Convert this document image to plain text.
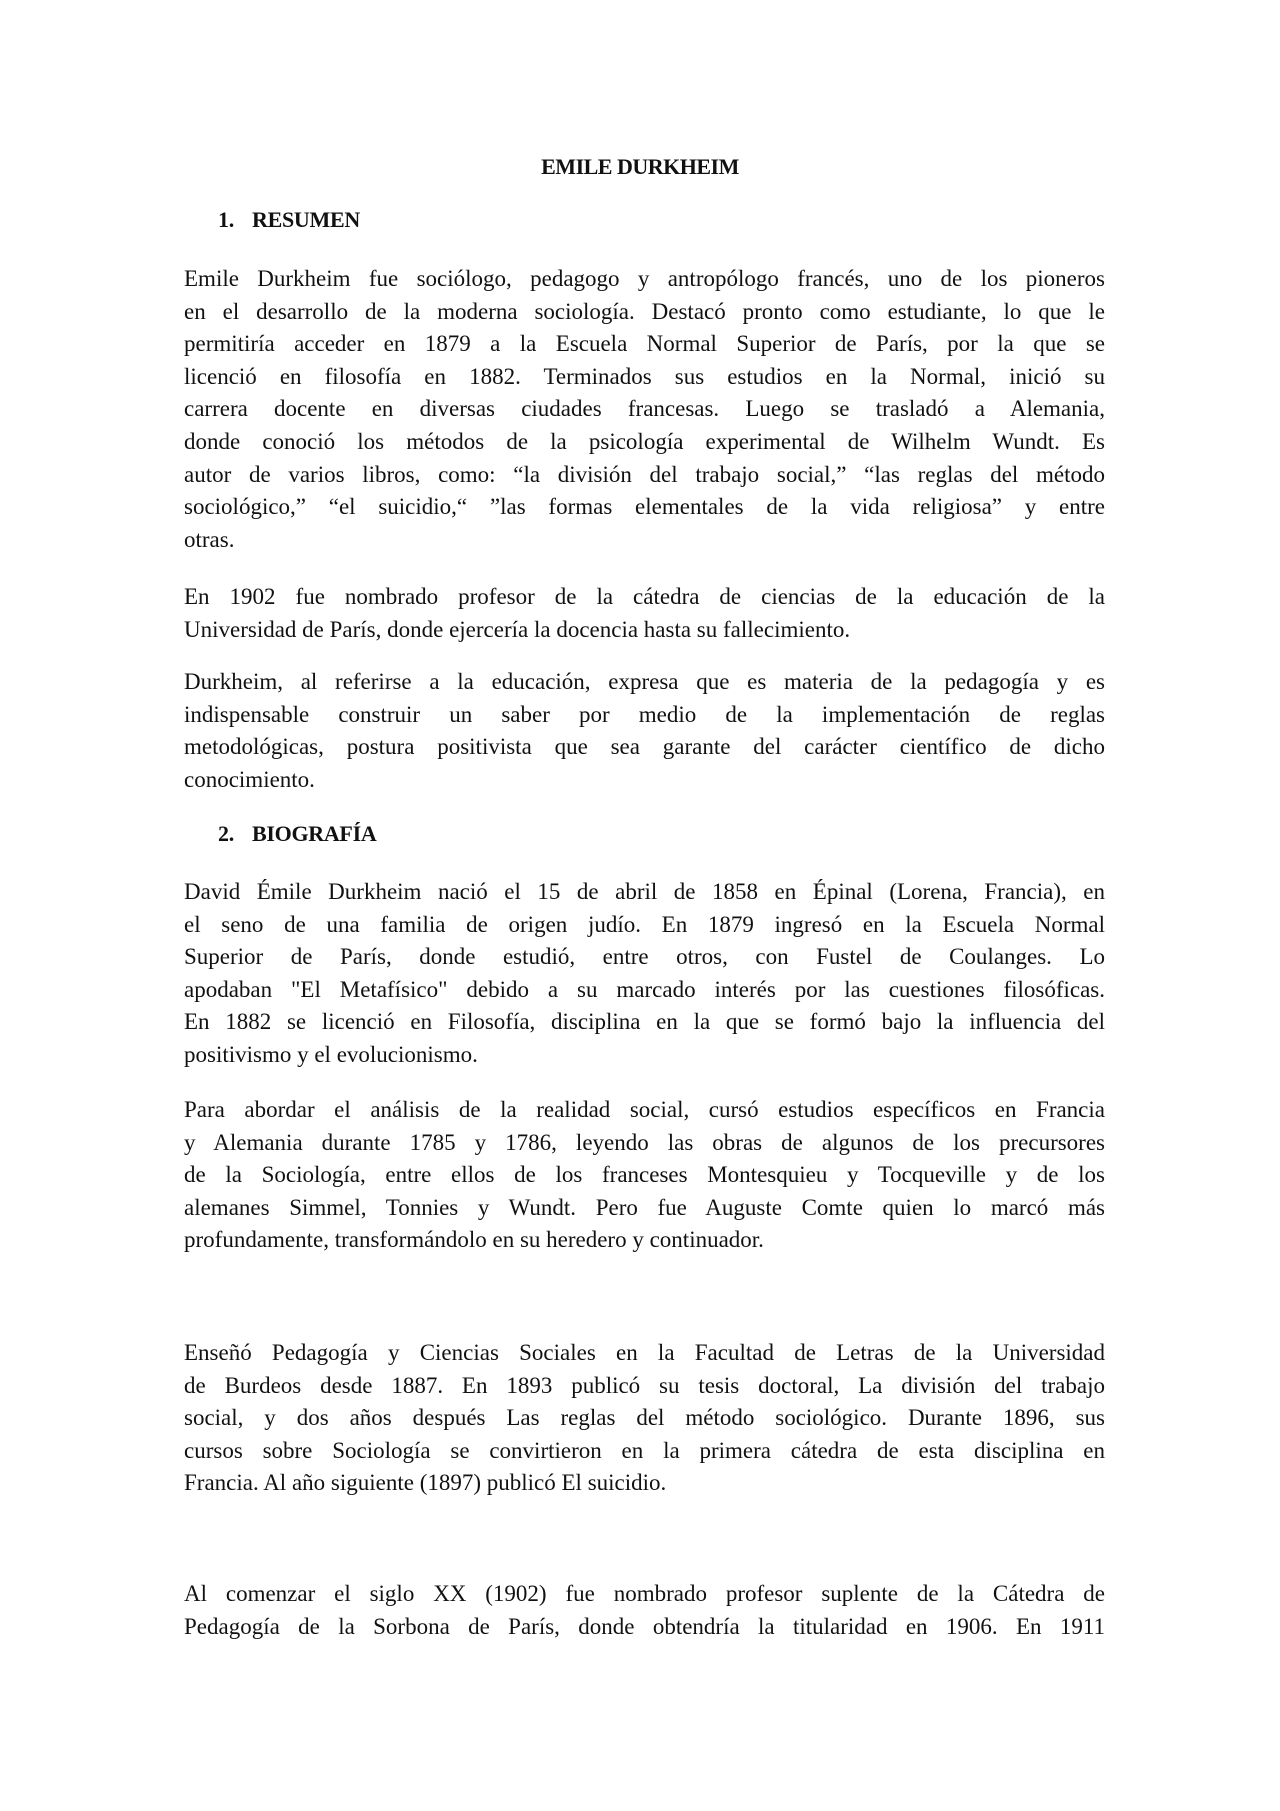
EMILE DURKHEIM
1. RESUMEN
Emile Durkheim fue sociólogo, pedagogo y antropólogo francés, uno de los pioneros
en el desarrollo de la moderna sociología. Destacó pronto como estudiante, lo que le
permitiría acceder en 1879 a la Escuela Normal Superior de París, por la que se
licenció en filosofía en 1882. Terminados sus estudios en la Normal, inició su
carrera docente en diversas ciudades francesas. Luego se trasladó a Alemania,
donde conoció los métodos de la psicología experimental de Wilhelm Wundt. Es
autor de varios libros, como: “la división del trabajo social,” “las reglas del método
sociológico,” “el suicidio,“ ”las formas elementales de la vida religiosa” y entre
otras.
En 1902 fue nombrado profesor de la cátedra de ciencias de la educación de la
Universidad de París, donde ejercería la docencia hasta su fallecimiento.
Durkheim, al referirse a la educación, expresa que es materia de la pedagogía y es
indispensable construir un saber por medio de la implementación de reglas
metodológicas, postura positivista que sea garante del carácter científico de dicho
conocimiento.
2. BIOGRAFÍA
David Émile Durkheim nació el 15 de abril de 1858 en Épinal (Lorena, Francia), en
el seno de una familia de origen judío. En 1879 ingresó en la Escuela Normal
Superior de París, donde estudió, entre otros, con Fustel de Coulanges. Lo
apodaban "El Metafísico" debido a su marcado interés por las cuestiones filosóficas.
En 1882 se licenció en Filosofía, disciplina en la que se formó bajo la influencia del
positivismo y el evolucionismo.
Para abordar el análisis de la realidad social, cursó estudios específicos en Francia
y Alemania durante 1785 y 1786, leyendo las obras de algunos de los precursores
de la Sociología, entre ellos de los franceses Montesquieu y Tocqueville y de los
alemanes Simmel, Tonnies y Wundt. Pero fue Auguste Comte quien lo marcó más
profundamente, transformándolo en su heredero y continuador.
Enseñó Pedagogía y Ciencias Sociales en la Facultad de Letras de la Universidad
de Burdeos desde 1887. En 1893 publicó su tesis doctoral, La división del trabajo
social, y dos años después Las reglas del método sociológico. Durante 1896, sus
cursos sobre Sociología se convirtieron en la primera cátedra de esta disciplina en
Francia. Al año siguiente (1897) publicó El suicidio.
Al comenzar el siglo XX (1902) fue nombrado profesor suplente de la Cátedra de
Pedagogía de la Sorbona de París, donde obtendría la titularidad en 1906. En 1911
